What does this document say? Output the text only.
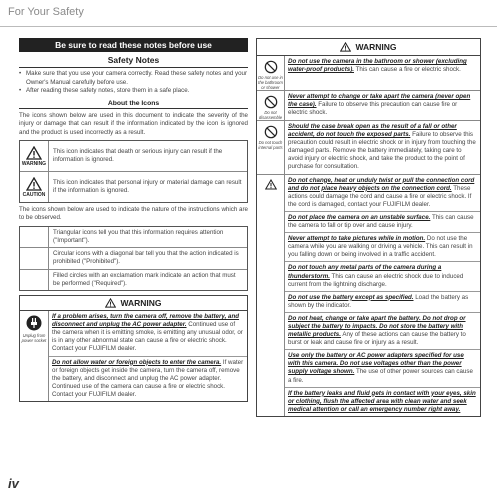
For Your Safety
Be sure to read these notes before use
Safety Notes
• Make sure that you use your camera correctly. Read these safety notes and your Owner's Manual carefully before use.
• After reading these safety notes, store them in a safe place.
About the Icons
The icons shown below are used in this document to indicate the severity of the injury or damage that can result if the information indicated by the icon is ignored and the product is used incorrectly as a result.
WARNING
This icon indicates that death or serious injury can result if the information is ignored.
CAUTION
This icon indicates that personal injury or material damage can result if the information is ignored.
The icons shown below are used to indicate the nature of the instructions which are to be observed.
Triangular icons tell you that this information requires attention ("Important").
Circular icons with a diagonal bar tell you that the action indicated is prohibited ("Prohibited").
Filled circles with an exclamation mark indicate an action that must be performed ("Required").
WARNING
Unplug from power socket
If a problem arises, turn the camera off, remove the battery, and disconnect and unplug the AC power adapter. Continued use of the camera when it is emitting smoke, is emitting any unusual odor, or is in any other abnormal state can cause a fire or electric shock. Contact your FUJIFILM dealer.
Do not allow water or foreign objects to enter the camera. If water or foreign objects get inside the camera, turn the camera off, remove the battery, and disconnect and unplug the AC power adapter. Continued use of the camera can cause a fire or electric shock. Contact your FUJIFILM dealer.
WARNING
Do not use in the bathroom or shower
Do not use the camera in the bathroom or shower (excluding water-proof products). This can cause a fire or electric shock.
Do not disassemble
Never attempt to change or take apart the camera (never open the case). Failure to observe this precaution can cause fire or electric shock.
Do not touch internal parts
Should the case break open as the result of a fall or other accident, do not touch the exposed parts. Failure to observe this precaution could result in electric shock or in injury from touching the damaged parts. Remove the battery immediately, taking care to avoid injury or electric shock, and take the product to the point of purchase for consultation.
Do not change, heat or unduly twist or pull the connection cord and do not place heavy objects on the connection cord. These actions could damage the cord and cause a fire or electric shock. If the cord is damaged, contact your FUJIFILM dealer.
Do not place the camera on an unstable surface. This can cause the camera to fall or tip over and cause injury.
Never attempt to take pictures while in motion. Do not use the camera while you are walking or driving a vehicle. This can result in you falling down or being involved in a traffic accident.
Do not touch any metal parts of the camera during a thunderstorm. This can cause an electric shock due to induced current from the lightning discharge.
Do not use the battery except as specified. Load the battery as shown by the indicator.
Do not heat, change or take apart the battery. Do not drop or subject the battery to impacts. Do not store the battery with metallic products. Any of these actions can cause the battery to burst or leak and cause fire or injury as a result.
Use only the battery or AC power adapters specified for use with this camera. Do not use voltages other than the power supply voltage shown. The use of other power sources can cause a fire.
If the battery leaks and fluid gets in contact with your eyes, skin or clothing, flush the affected area with clean water and seek medical attention or call an emergency number right away.
iv
